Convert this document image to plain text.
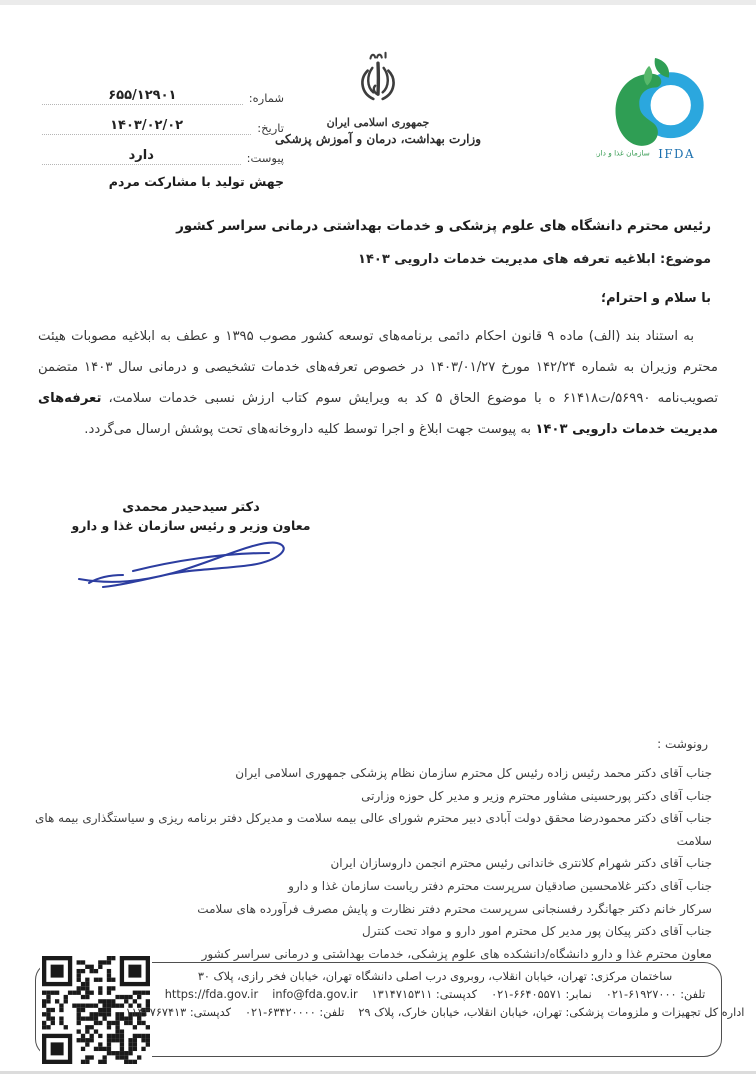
شماره:
۶۵۵/۱۲۹۰۱
تاریخ:
۱۴۰۳/۰۲/۰۲
پیوست:
دارد
جهش تولید با مشارکت مردم
جمهوری اسلامی ایران
وزارت بهداشت، درمان و آموزش پزشکی
IFDA
سازمان غذا و دارو
رئیس محترم دانشگاه های علوم پزشکی و خدمات بهداشتی درمانی سراسر کشور
موضوع: ابلاغیه تعرفه های مدیریت خدمات دارویی ۱۴۰۳
با سلام و احترام؛

به استناد بند (الف) ماده ۹ قانون احکام دائمی برنامه‌های توسعه کشور مصوب ۱۳۹۵ و عطف به ابلاغیه مصوبات هیئت محترم وزیران به شماره ۱۴۲/۲۴ مورخ ۱۴۰۳/۰۱/۲۷ در خصوص تعرفه‌های خدمات تشخیصی و درمانی سال ۱۴۰۳ متضمن تصویب‌نامه ۵۶۹۹۰/ت۶۱۴۱۸ ه با موضوع الحاق ۵ کد به ویرایش سوم کتاب ارزش نسبی خدمات سلامت، تعرفه‌های مدیریت خدمات دارویی ۱۴۰۳ به پیوست جهت ابلاغ و اجرا توسط کلیه داروخانه‌های تحت پوشش ارسال می‌گردد.

دکتر سیدحیدر محمدی
معاون وزیر و رئیس سازمان غذا و دارو
رونوشت :
جناب آقای دکتر محمد رئیس زاده رئیس کل محترم سازمان نظام پزشکی جمهوری اسلامی ایران
جناب آقای دکتر پورحسینی مشاور محترم وزیر و مدیر کل حوزه وزارتی
جناب آقای دکتر محمودرضا محقق دولت آبادی دبیر محترم شورای عالی بیمه سلامت و مدیرکل دفتر برنامه ریزی و سیاستگذاری بیمه های سلامت
جناب آقای دکتر شهرام کلانتری خاندانی رئیس محترم انجمن داروسازان ایران
جناب آقای دکتر غلامحسین صادقیان سرپرست محترم دفتر ریاست سازمان غذا و دارو
سرکار خانم دکتر جهانگرد رفسنجانی سرپرست محترم دفتر نظارت و پایش مصرف فرآورده های سلامت
جناب آقای دکتر پیکان پور مدیر کل محترم امور دارو و مواد تحت کنترل
معاون محترم غذا و دارو دانشگاه/دانشکده های علوم پزشکی، خدمات بهداشتی و درمانی سراسر کشور
ساختمان مرکزی: تهران، خیابان انقلاب، روبروی درب اصلی دانشگاه تهران، خیابان فخر رازی، پلاک ۳۰
تلفن: ۰۲۱-۶۱۹۲۷۰۰۰
نمابر: ۰۲۱-۶۶۴۰۵۵۷۱
کدپستی: ۱۳۱۴۷۱۵۳۱۱
info@fda.gov.ir
https://fda.gov.ir
اداره کل تجهیزات و ملزومات پزشکی: تهران، خیابان انقلاب، خیابان خارک، پلاک ۲۹
تلفن: ۰۲۱-۶۳۴۲۰۰۰۰
کدپستی: ۱۱۳۳۷۶۷۴۱۳
